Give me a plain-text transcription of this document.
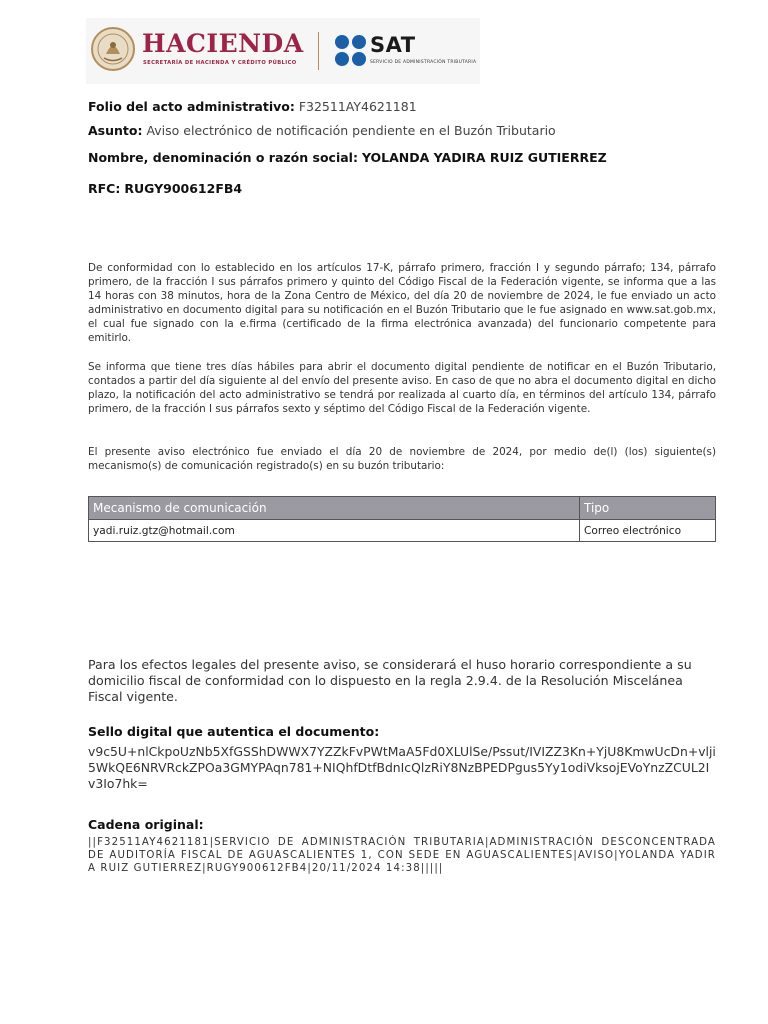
HACIENDA
SECRETARÍA DE HACIENDA Y CRÉDITO PÚBLICO
SAT
SERVICIO DE ADMINISTRACIÓN TRIBUTARIA
Folio del acto administrativo: F32511AY4621181
Asunto: Aviso electrónico de notificación pendiente en el Buzón Tributario
Nombre, denominación o razón social: YOLANDA YADIRA RUIZ GUTIERREZ
RFC: RUGY900612FB4

De conformidad con lo establecido en los artículos 17-K, párrafo primero, fracción I y segundo párrafo; 134, párrafo primero, de la fracción I sus párrafos primero y quinto del Código Fiscal de la Federación vigente, se informa que a las 14 horas con 38 minutos, hora de la Zona Centro de México, del día 20 de noviembre de 2024, le fue enviado un acto administrativo en documento digital para su notificación en el Buzón Tributario que le fue asignado en www.sat.gob.mx, el cual fue signado con la e.firma (certificado de la firma electrónica avanzada) del funcionario competente para emitirlo.

Se informa que tiene tres días hábiles para abrir el documento digital pendiente de notificar en el Buzón Tributario, contados a partir del día siguiente al del envío del presente aviso. En caso de que no abra el documento digital en dicho plazo, la notificación del acto administrativo se tendrá por realizada al cuarto día, en términos del artículo 134, párrafo primero, de la fracción I sus párrafos sexto y séptimo del Código Fiscal de la Federación vigente.

El presente aviso electrónico fue enviado el día 20 de noviembre de 2024, por medio de(l) (los) siguiente(s) mecanismo(s) de comunicación registrado(s) en su buzón tributario:

Mecanismo de comunicación	Tipo
yadi.ruiz.gtz@hotmail.com	Correo electrónico

Para los efectos legales del presente aviso, se considerará el huso horario correspondiente a su domicilio fiscal de conformidad con lo dispuesto en la regla 2.9.4. de la Resolución Miscelánea Fiscal vigente.

Sello digital que autentica el documento:

v9c5U+nlCkpoUzNb5XfGSShDWWX7YZZkFvPWtMaA5Fd0XLUlSe/Pssut/IVIZZ3Kn+YjU8KmwUcDn+vlji5WkQE6NRVRckZPOa3GMYPAqn781+NIQhfDtfBdnIcQlzRiY8NzBPEDPgus5Yy1odiVksojEVoYnzZCUL2Iv3Io7hk=

Cadena original:

||F32511AY4621181|SERVICIO DE ADMINISTRACIÓN TRIBUTARIA|ADMINISTRACIÓN DESCONCENTRADA DE AUDITORÍA FISCAL DE AGUASCALIENTES 1, CON SEDE EN AGUASCALIENTES|AVISO|YOLANDA YADIRA RUIZ GUTIERREZ|RUGY900612FB4|20/11/2024 14:38|||||
